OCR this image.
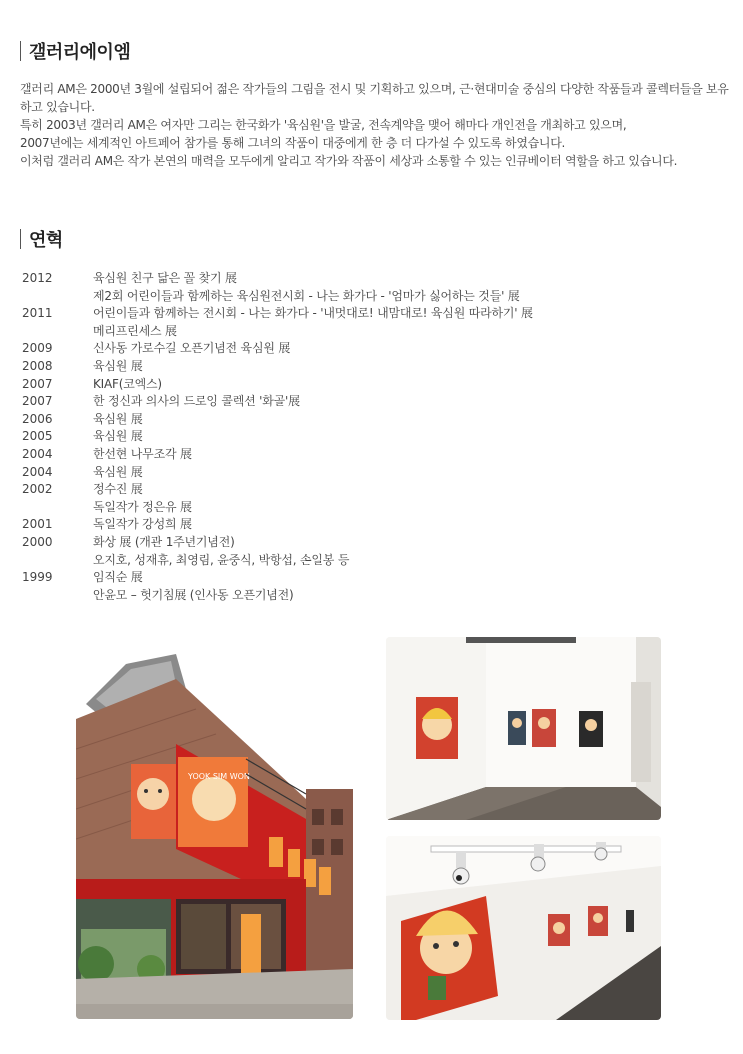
갤러리에이엠

갤러리 AM은 2000년 3월에 설립되어 젊은 작가들의 그림을 전시 및 기획하고 있으며, 근·현대미술 중심의 다양한 작품들과 콜렉터들을 보유하고 있습니다.

특히 2003년 갤러리 AM은 여자만 그리는 한국화가 '육심원'을 발굴, 전속계약을 맺어 해마다 개인전을 개최하고 있으며,

2007년에는 세계적인 아트페어 참가를 통해 그녀의 작품이 대중에게 한 층 더 다가설 수 있도록 하였습니다.

이처럼 갤러리 AM은 작가 본연의 매력을 모두에게 알리고 작가와 작품이 세상과 소통할 수 있는 인큐베이터 역할을 하고 있습니다.

연혁
2012	육심원 친구 닮은 꼴 찾기 展
제2회 어린이들과 함께하는 육심원전시회 - 나는 화가다 - '엄마가 싫어하는 것들' 展
2011	어린이들과 함께하는 전시회 - 나는 화가다 - '내멋대로! 내맘대로! 육심원 따라하기' 展
메리프린세스 展
2009	신사동 가로수길 오픈기념전 육심원 展
2008	육심원 展
2007	KIAF(코엑스)
2007	한 정신과 의사의 드로잉 콜렉션 '화골'展
2006	육심원 展
2005	육심원 展
2004	한선현 나무조각 展
2004	육심원 展
2002	정수진 展
독일작가 정은유 展
2001	독일작가 강성희 展
2000	화상 展 (개관 1주년기념전)
오지호, 성재휴, 최영림, 윤중식, 박항섭, 손일봉 등
1999	임직순 展
안윤모 – 헛기침展 (인사동 오픈기념전)
YOOK SIM WON
